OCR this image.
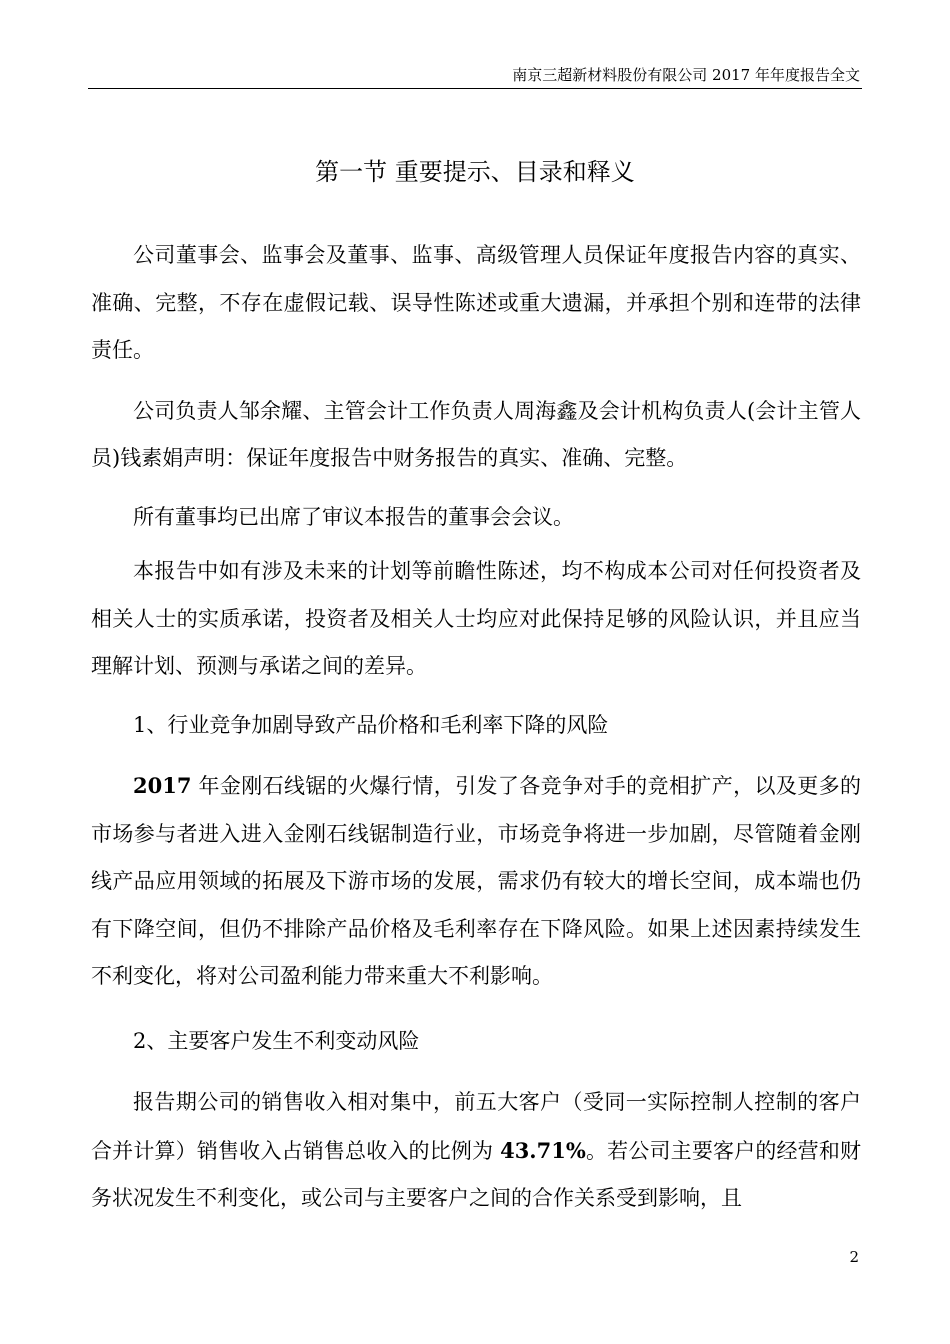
南京三超新材料股份有限公司 2017 年年度报告全文
第一节 重要提示、目录和释义

公司董事会、监事会及董事、监事、高级管理人员保证年度报告内容的真实、准确、完整，不存在虚假记载、误导性陈述或重大遗漏，并承担个别和连带的法律责任。

公司负责人邹余耀、主管会计工作负责人周海鑫及会计机构负责人(会计主管人员)钱素娟声明：保证年度报告中财务报告的真实、准确、完整。

所有董事均已出席了审议本报告的董事会会议。

本报告中如有涉及未来的计划等前瞻性陈述，均不构成本公司对任何投资者及相关人士的实质承诺，投资者及相关人士均应对此保持足够的风险认识，并且应当理解计划、预测与承诺之间的差异。

1、行业竞争加剧导致产品价格和毛利率下降的风险

2017 年金刚石线锯的火爆行情，引发了各竞争对手的竞相扩产，以及更多的市场参与者进入进入金刚石线锯制造行业，市场竞争将进一步加剧，尽管随着金刚线产品应用领域的拓展及下游市场的发展，需求仍有较大的增长空间，成本端也仍有下降空间，但仍不排除产品价格及毛利率存在下降风险。如果上述因素持续发生不利变化，将对公司盈利能力带来重大不利影响。

2、主要客户发生不利变动风险

报告期公司的销售收入相对集中，前五大客户（受同一实际控制人控制的客户合并计算）销售收入占销售总收入的比例为 43.71%。若公司主要客户的经营和财务状况发生不利变化，或公司与主要客户之间的合作关系受到影响，且

2
